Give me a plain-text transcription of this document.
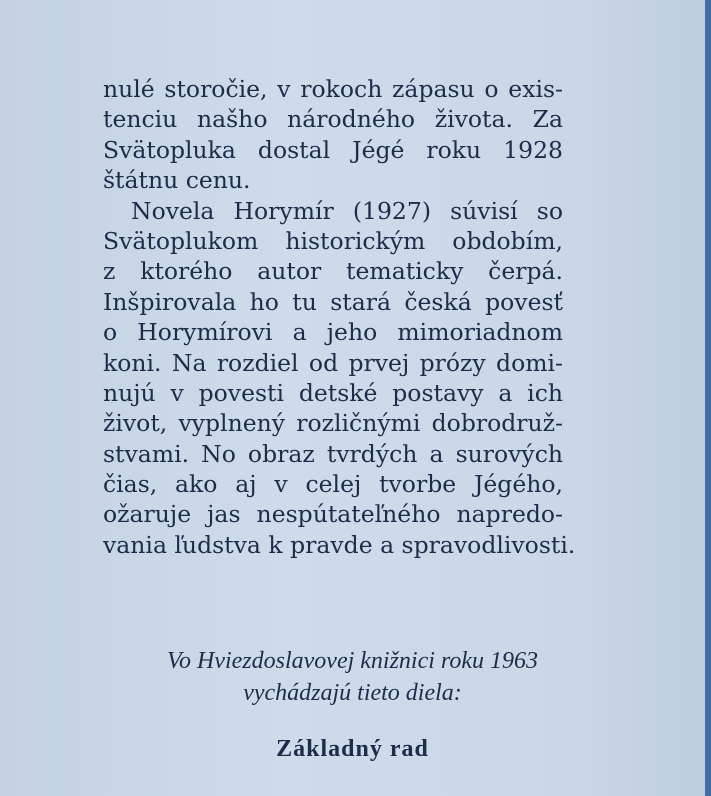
nulé storočie, v rokoch zápasu o exis-
tenciu našho národného života. Za
Svätopluka dostal Jégé roku 1928
štátnu cenu.
Novela Horymír (1927) súvisí so
Svätoplukom historickým obdobím,
z ktorého autor tematicky čerpá.
Inšpirovala ho tu stará česká povesť
o Horymírovi a jeho mimoriadnom
koni. Na rozdiel od prvej prózy domi-
nujú v povesti detské postavy a ich
život, vyplnený rozličnými dobrodruž-
stvami. No obraz tvrdých a surových
čias, ako aj v celej tvorbe Jégého,
ožaruje jas nespútateľného napredo-
vania ľudstva k pravde a spravodlivosti.
Vo Hviezdoslavovej knižnici roku 1963
vychádzajú tieto diela:
Základný rad
